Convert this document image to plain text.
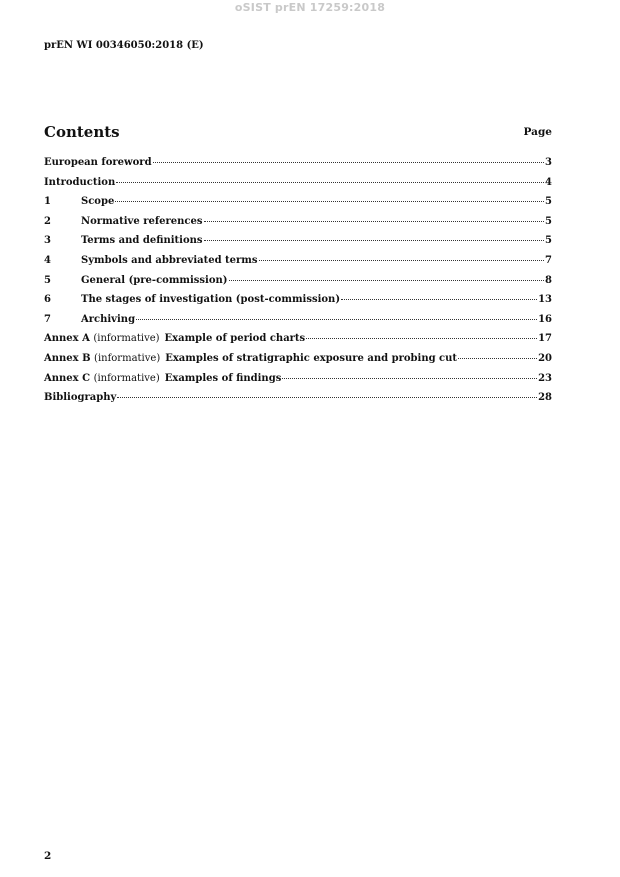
oSIST prEN 17259:2018
prEN WI 00346050:2018 (E)
Contents	Page
European foreword	3
Introduction	4
1	Scope	5
2	Normative references	5
3	Terms and definitions	5
4	Symbols and abbreviated terms	7
5	General (pre-commission)	8
6	The stages of investigation (post-commission)	13
7	Archiving	16
Annex A (informative) Example of period charts	17
Annex B (informative) Examples of stratigraphic exposure and probing cut	20
Annex C (informative) Examples of findings	23
Bibliography	28
2
